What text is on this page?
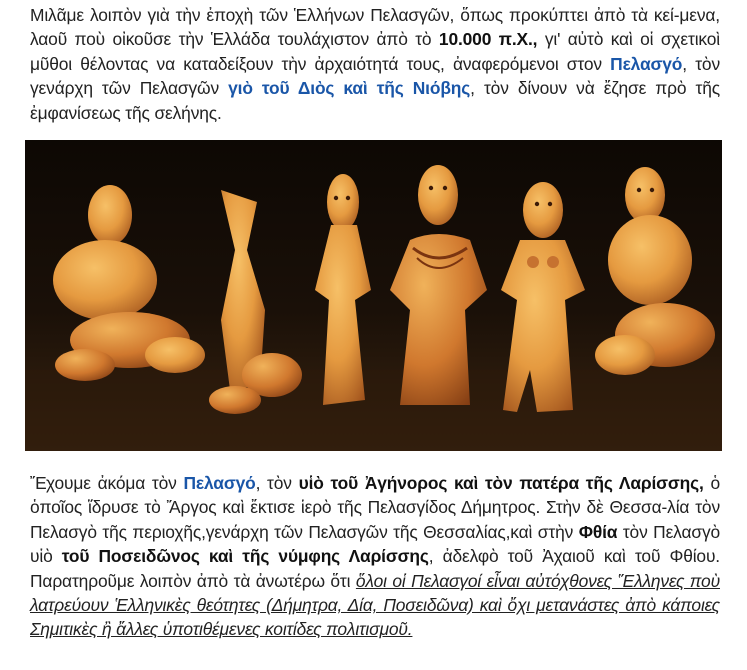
Μιλᾶμε λοιπὸν γιὰ τὴν ἐποχὴ τῶν Ἑλλήνων Πελασγῶν, ὅπως προκύπτει ἀπὸ τὰ κεί-μενα, λαοῦ ποὺ οἰκοῦσε τὴν Ἑλλάδα τουλάχιστον ἀπὸ τὸ 10.000 π.Χ., γι' αὐτὸ καὶ οἱ σχετικοὶ μῦθοι θέλοντας να καταδείξουν τὴν ἀρχαιότητά τους, ἀναφερόμενοι στον Πελασγό, τὸν γενάρχη τῶν Πελασγῶν γιὸ τοῦ Διὸς καὶ τῆς Νιόβης, τὸν δίνουν νὰ ἔζησε πρὸ τῆς ἐμφανίσεως τῆς σελήνης.
Ἔχουμε ἀκόμα τὸν Πελασγό, τὸν υἱὸ τοῦ Ἀγήνορος καὶ τὸν πατέρα τῆς Λαρίσσης, ὁ ὁποῖος ἵδρυσε τὸ Ἄργος καὶ ἔκτισε ἱερὸ τῆς Πελασγίδος Δήμητρος. Στὴν δὲ Θεσσα-λία τὸν Πελασγὸ τῆς περιοχῆς,γενάρχη τῶν Πελασγῶν τῆς Θεσσαλίας,καὶ στὴν Φθία τὸν Πελασγὸ υἱὸ τοῦ Ποσειδῶνος καὶ τῆς νύμφης Λαρίσσης, ἀδελφὸ τοῦ Ἀχαιοῦ καὶ τοῦ Φθίου. Παρατηροῦμε λοιπὸν ἀπὸ τὰ ἀνωτέρω ὅτι ὅλοι οἱ Πελασγοί εἶναι αὐτόχθονες Ἕλληνες ποὺ λατρεύουν Ἑλληνικὲς θεότητες (Δήμητρα, Δία, Ποσειδῶνα) καὶ ὄχι μετανάστες ἀπὸ κάποιες Σημιτικὲς ἢ ἄλλες ὑποτιθέμενες κοιτίδες πολιτισμοῦ.
